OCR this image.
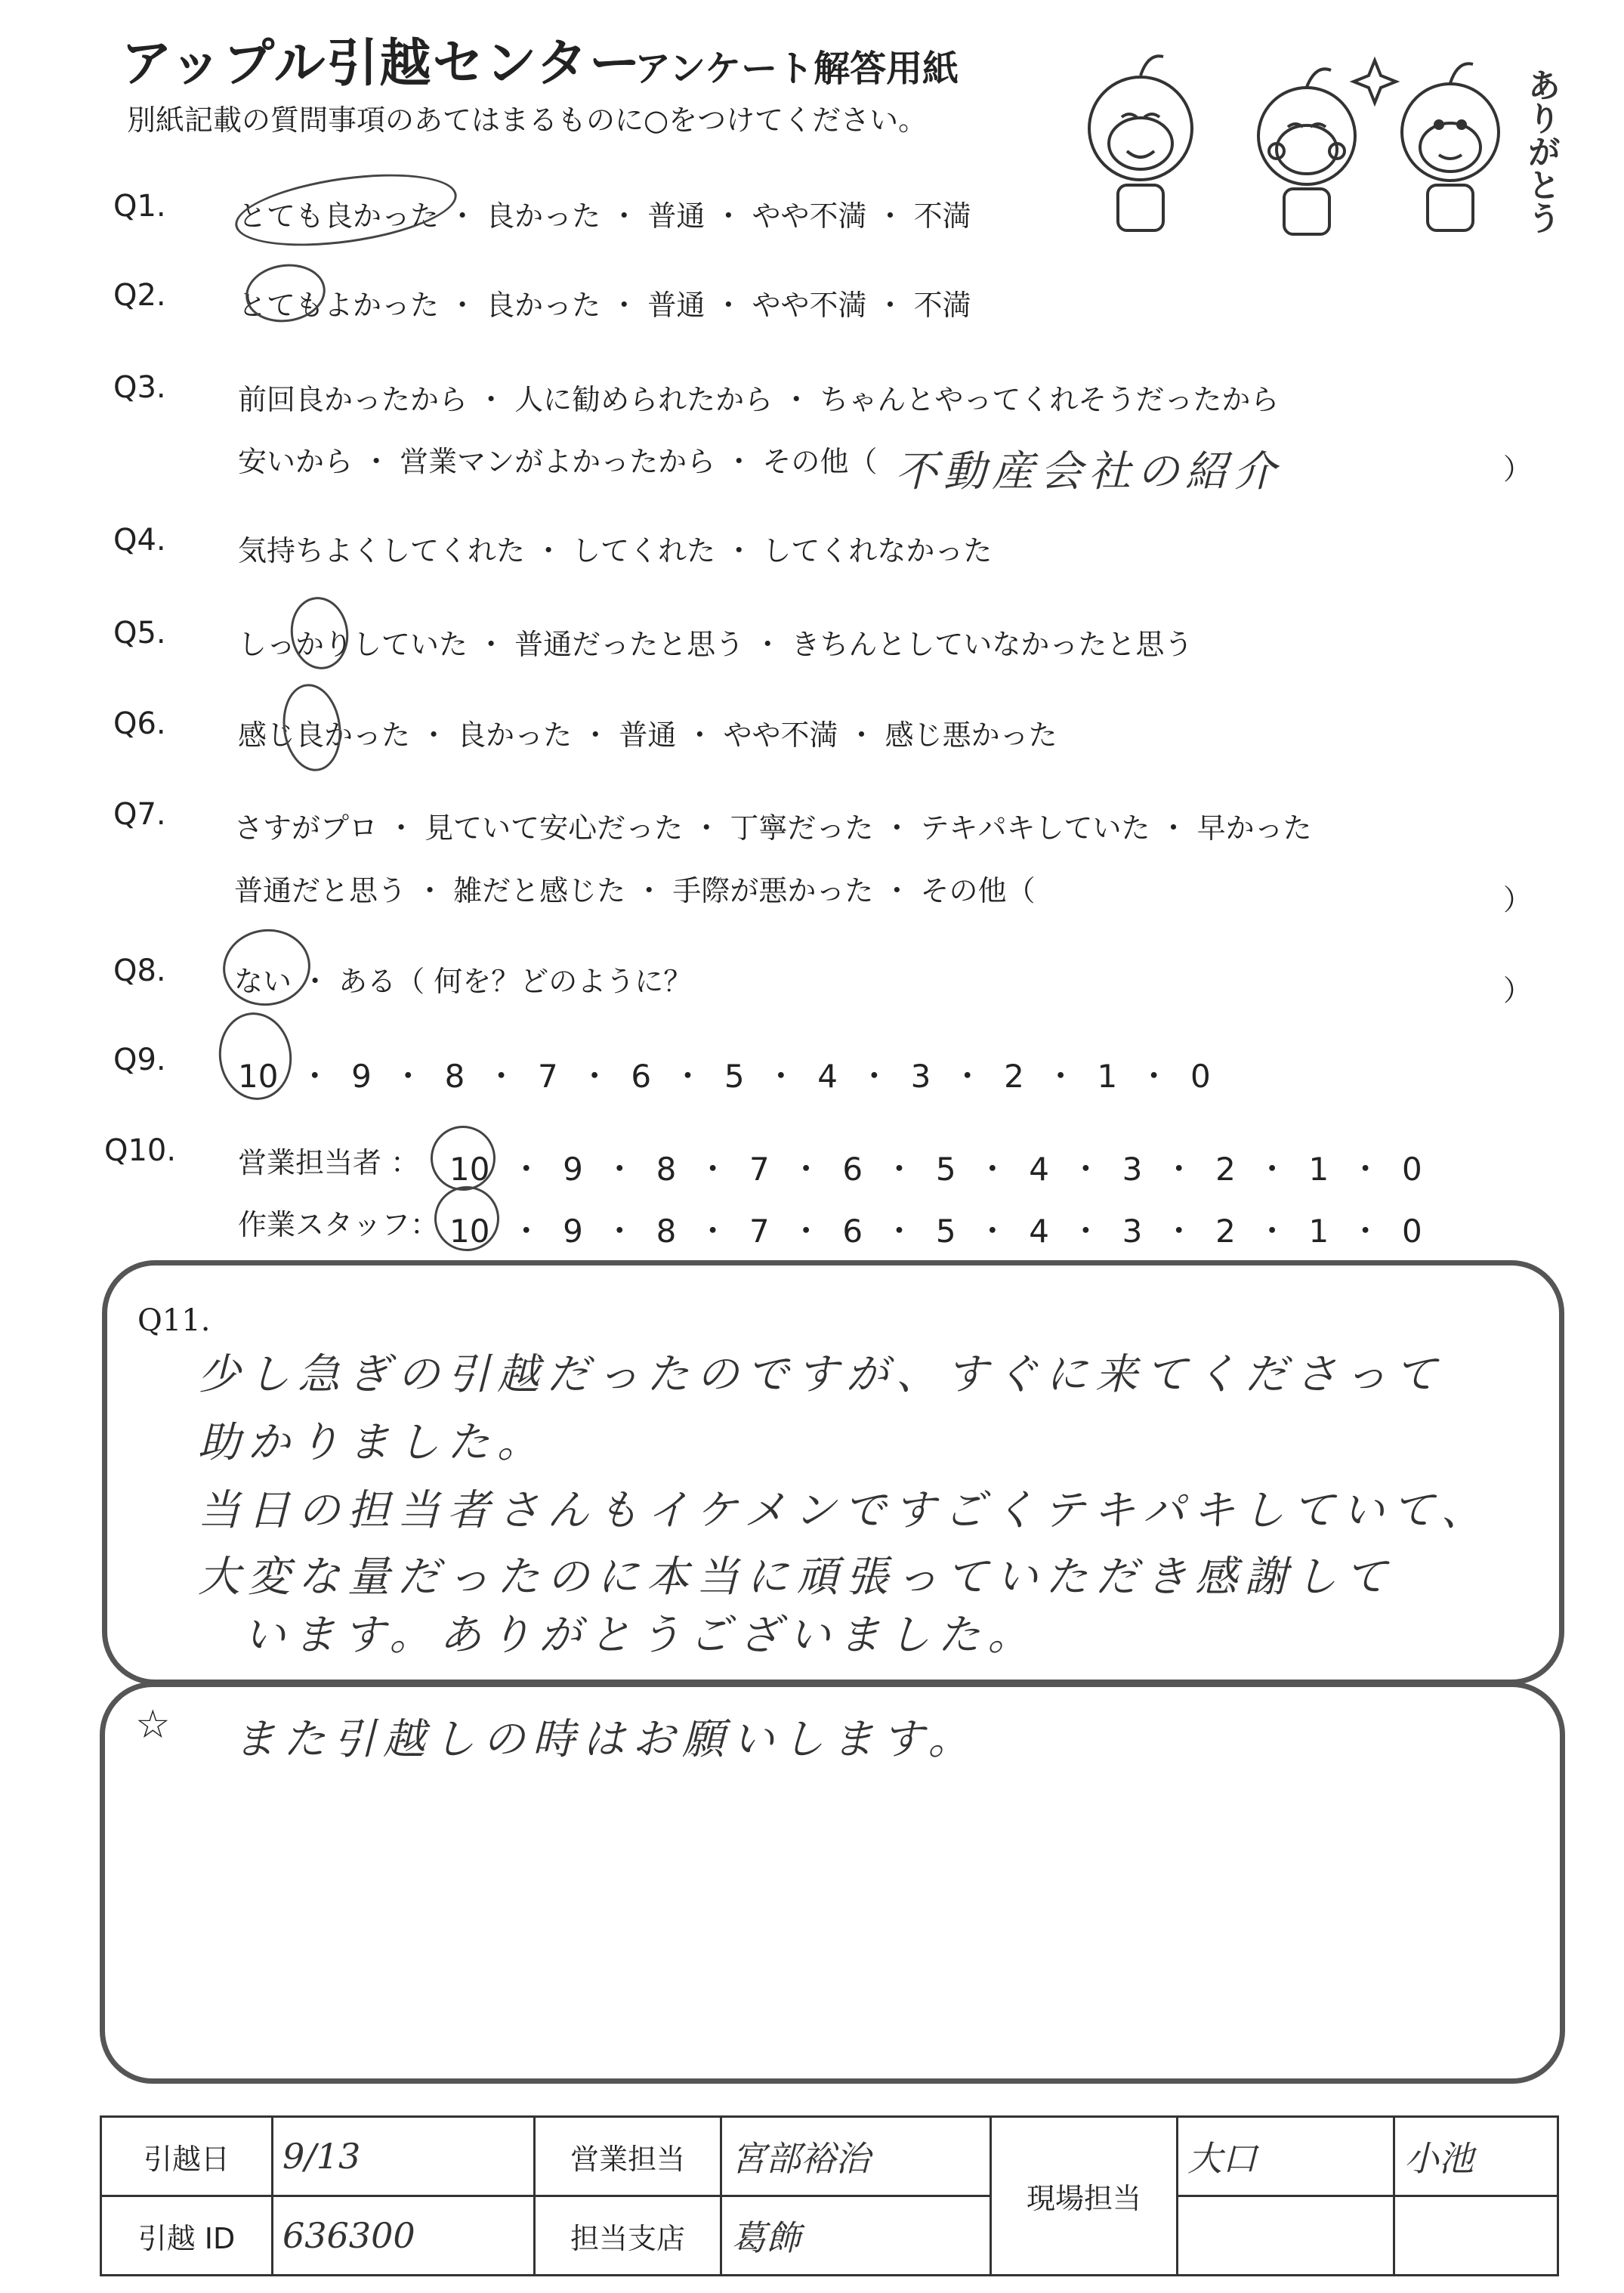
アップル引越センター
アンケート解答用紙
別紙記載の質問事項のあてはまるものに○をつけてください。	ありがとう
Q1.	とても良かった ・ 良かった ・ 普通 ・ やや不満 ・ 不満
Q2.	とてもよかった ・ 良かった ・ 普通 ・ やや不満 ・ 不満
Q3.	前回良かったから ・ 人に勧められたから ・ ちゃんとやってくれそうだったから
安いから ・ 営業マンがよかったから ・ その他（ 不動産会社の紹介	）
Q4.	気持ちよくしてくれた ・ してくれた ・ してくれなかった
Q5.	しっかりしていた ・ 普通だったと思う ・ きちんとしていなかったと思う
Q6.	感じ良かった ・ 良かった ・ 普通 ・ やや不満 ・ 感じ悪かった
Q7. さすがプロ ・ 見ていて安心だった ・ 丁寧だった ・ テキパキしていた ・ 早かった
普通だと思う ・ 雑だと感じた ・ 手際が悪かった ・ その他（	）
Q8. ない ・ ある（ 何を？どのように？	）
Q9. 10 ・ 9 ・ 8 ・ 7 ・ 6 ・ 5 ・ 4 ・ 3 ・ 2 ・ 1 ・ 0
Q10. 営業担当者 ： 10 ・ 9 ・ 8 ・ 7 ・ 6 ・ 5 ・ 4 ・ 3 ・ 2 ・ 1 ・ 0
作業スタッフ： 10 ・ 9 ・ 8 ・ 7 ・ 6 ・ 5 ・ 4 ・ 3 ・ 2 ・ 1 ・ 0
Q11.
少し急ぎの引越だったのですが、すぐに来てくださって
助かりました。
当日の担当者さんもイケメンですごくテキパキしていて、
大変な量だったのに本当に頑張っていただき感謝して
います。ありがとうございました。
☆ また引越しの時はお願いします。
引越日	9/13	営業担当	宮部裕治	現場担当	大口	小池
引越 ID	636300	担当支店	葛飾			
